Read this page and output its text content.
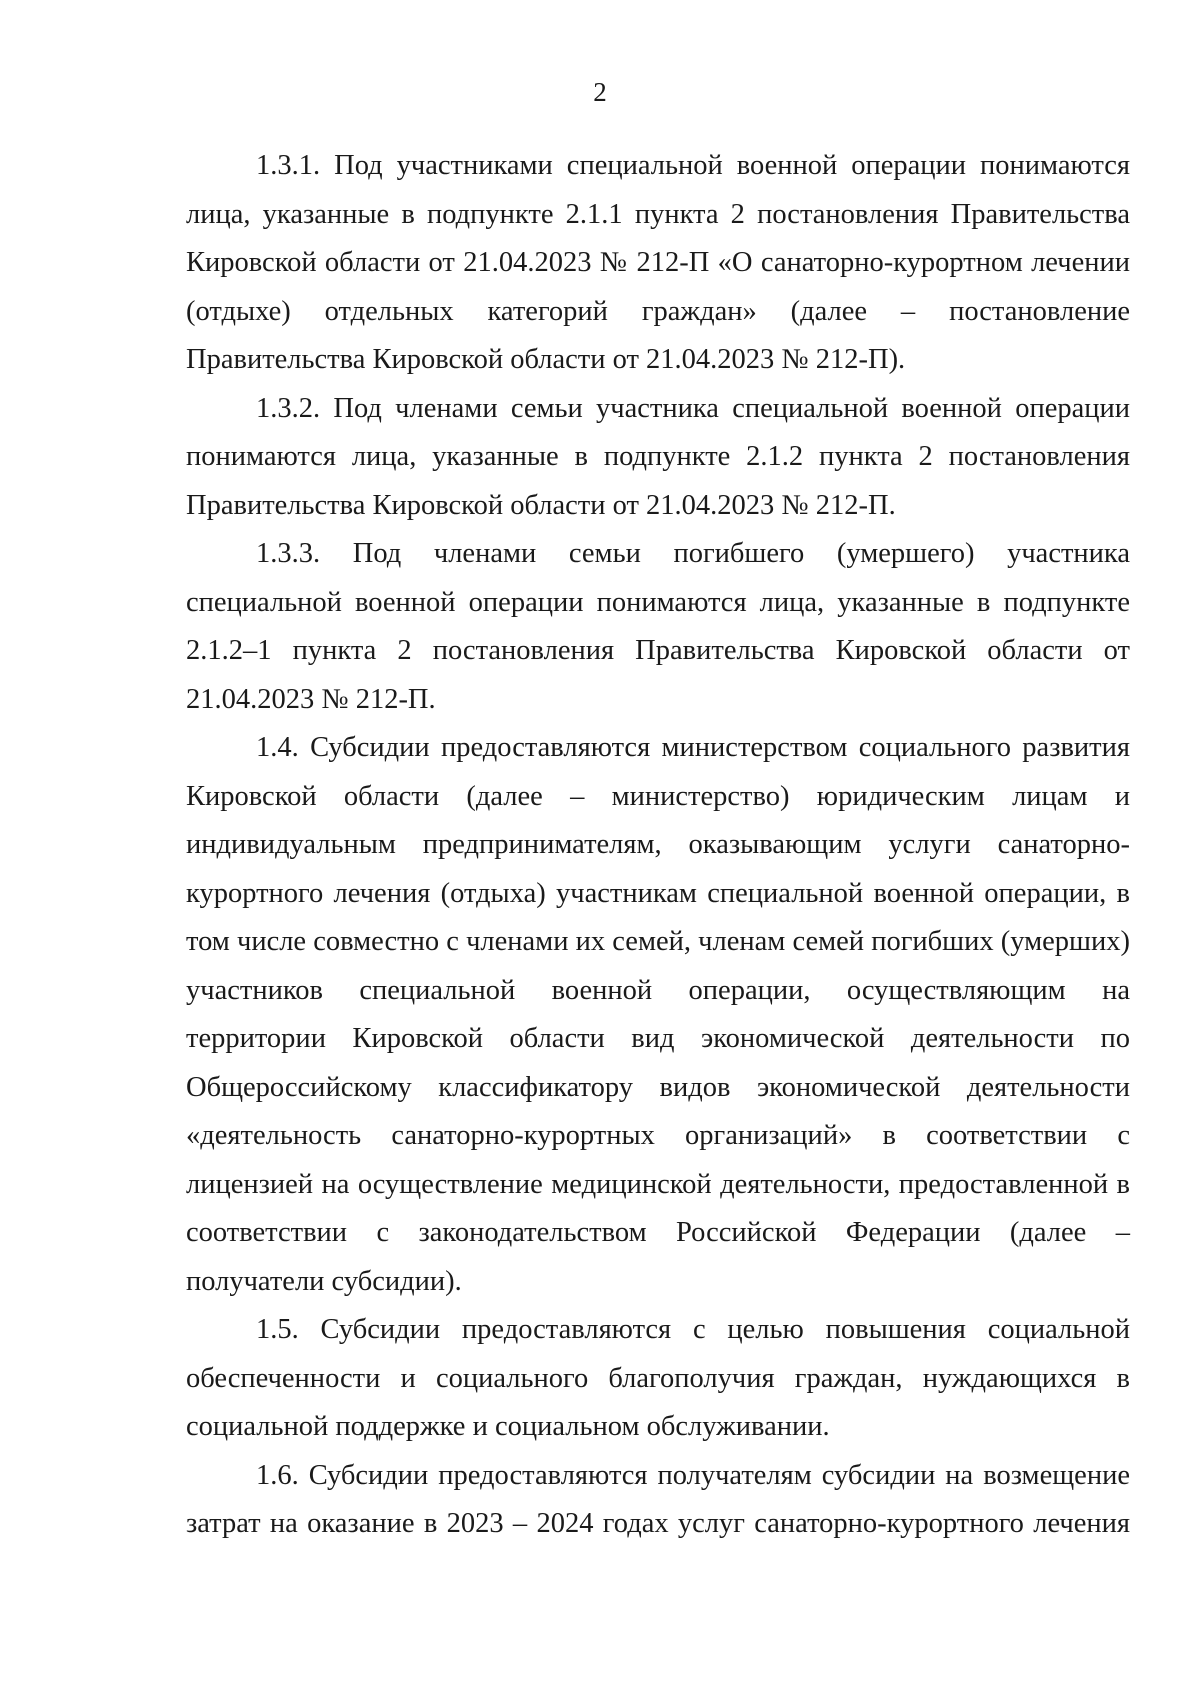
2

1.3.1. Под участниками специальной военной операции понимаются лица, указанные в подпункте 2.1.1 пункта 2 постановления Правительства Кировской области от 21.04.2023 № 212-П «О санаторно-курортном лечении (отдыхе) отдельных категорий граждан» (далее – постановление Правительства Кировской области от 21.04.2023 № 212-П).

1.3.2. Под членами семьи участника специальной военной операции понимаются лица, указанные в подпункте 2.1.2 пункта 2 постановления Правительства Кировской области от 21.04.2023 № 212-П.

1.3.3. Под членами семьи погибшего (умершего) участника специальной военной операции понимаются лица, указанные в подпункте 2.1.2–1 пункта 2 постановления Правительства Кировской области от 21.04.2023 № 212-П.

1.4. Субсидии предоставляются министерством социального развития Кировской области (далее – министерство) юридическим лицам и индивидуальным предпринимателям, оказывающим услуги санаторно-курортного лечения (отдыха) участникам специальной военной операции, в том числе совместно с членами их семей, членам семей погибших (умерших) участников специальной военной операции, осуществляющим на территории Кировской области вид экономической деятельности по Общероссийскому классификатору видов экономической деятельности «деятельность санаторно-курортных организаций» в соответствии с лицензией на осуществление медицинской деятельности, предоставленной в соответствии с законодательством Российской Федерации (далее – получатели субсидии).

1.5. Субсидии предоставляются с целью повышения социальной обеспеченности и социального благополучия граждан, нуждающихся в социальной поддержке и социальном обслуживании.

1.6. Субсидии предоставляются получателям субсидии на возмещение затрат на оказание в 2023 – 2024 годах услуг санаторно-курортного лечения
